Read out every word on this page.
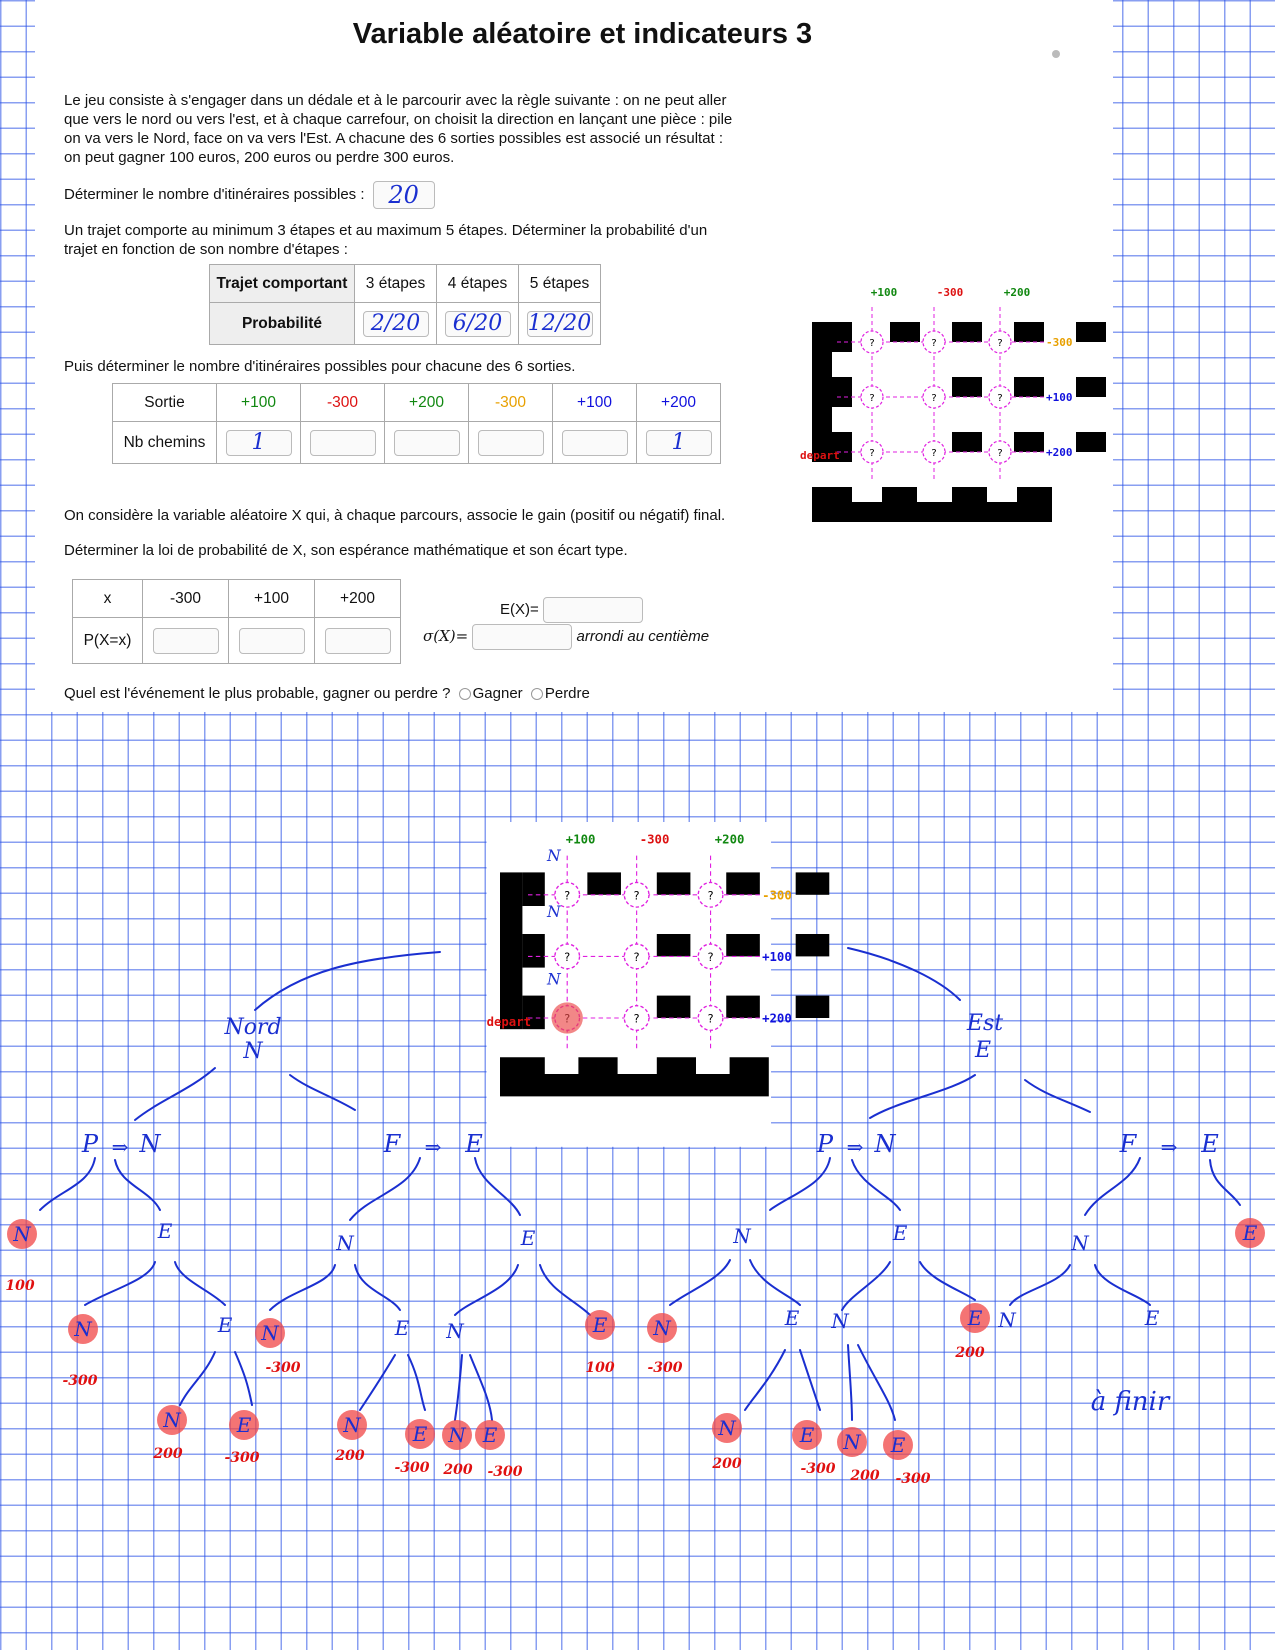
Variable aléatoire et indicateurs 3
Le jeu consiste à s'engager dans un dédale et à le parcourir avec la règle suivante : on ne peut aller
que vers le nord ou vers l'est, et à chaque carrefour, on choisit la direction en lançant une pièce : pile
on va vers le Nord, face on va vers l'Est. A chacune des 6 sorties possibles est associé un résultat :
on peut gagner 100 euros, 200 euros ou perdre 300 euros.
Déterminer le nombre d'itinéraires possibles : 20
Un trajet comporte au minimum 3 étapes et au maximum 5 étapes. Déterminer la probabilité d'un
trajet en fonction de son nombre d'étapes :
Trajet comportant	3 étapes	4 étapes	5 étapes
Probabilité	2/20	6/20	12/20
Puis déterminer le nombre d'itinéraires possibles pour chacune des 6 sorties.
Sortie	+100	-300	+200	-300	+100	+200
Nb chemins	1					1
On considère la variable aléatoire X qui, à chaque parcours, associe le gain (positif ou négatif) final.
Déterminer la loi de probabilité de X, son espérance mathématique et son écart type.
x	-300	+100	+200
P(X=x)			
E(X)=
σ(X)=	arrondi au centième
Quel est l'événement le plus probable, gagner ou perdre ? Gagner Perdre
+100	-300	+200
-300
+100
+200
depart
?	?	?
?	?	?
?	?	?
+100	-300	+200
-300
+100
+200
depart
?	?	?
?	?	?
?	?
N
N
N
Nord
N
Est
E
P ⇒ N	F ⇒ E	P ⇒ N	F ⇒ E
N
100
E
N
-300
E
N
200
E
-300
N
-300
N
E
N
200
E
-300
E
N
N
200
E
-300
E
100
N	E
N
-300
E
N
200
E
-300
N
N
200
E
-300
E
200
N
N
E
E
à finir
